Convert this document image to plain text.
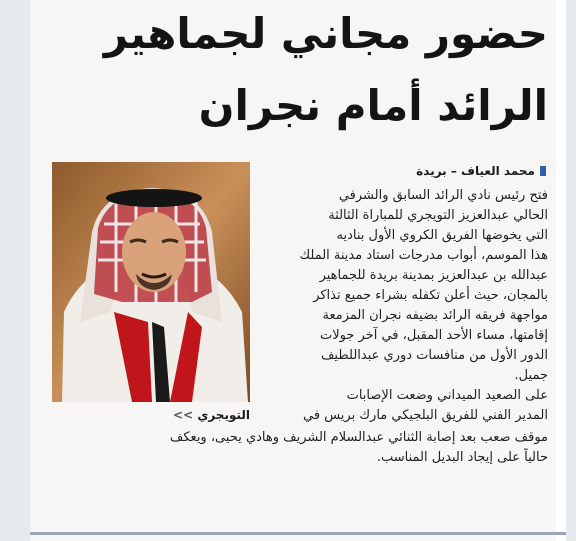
حضور مجاني لجماهير
الرائد أمام نجران
محمد العياف – بريدة
التويجري >>
فتح رئيس نادي الرائد السابق والشرفي
الحالي عبدالعزيز التويجري للمباراة الثالثة
التي يخوضها الفريق الكروي الأول بناديه
هذا الموسم، أبواب مدرجات استاد مدينة الملك
عبدالله بن عبدالعزيز بمدينة بريدة للجماهير
بالمجان، حيث أعلن تكفله بشراء جميع تذاكر
مواجهة فريقه الرائد بضيفه نجران المزمعة
إقامتها، مساء الأحد المقبل، في آخر جولات
الدور الأول من منافسات دوري عبداللطيف
جميل.
على الصعيد الميداني وضعت الإصابات
المدير الفني للفريق البلجيكي مارك بريس في
موقف صعب بعد إصابة الثنائي عبدالسلام الشريف وهادي يحيى، ويعكف
حالياً على إيجاد البديل المناسب.
